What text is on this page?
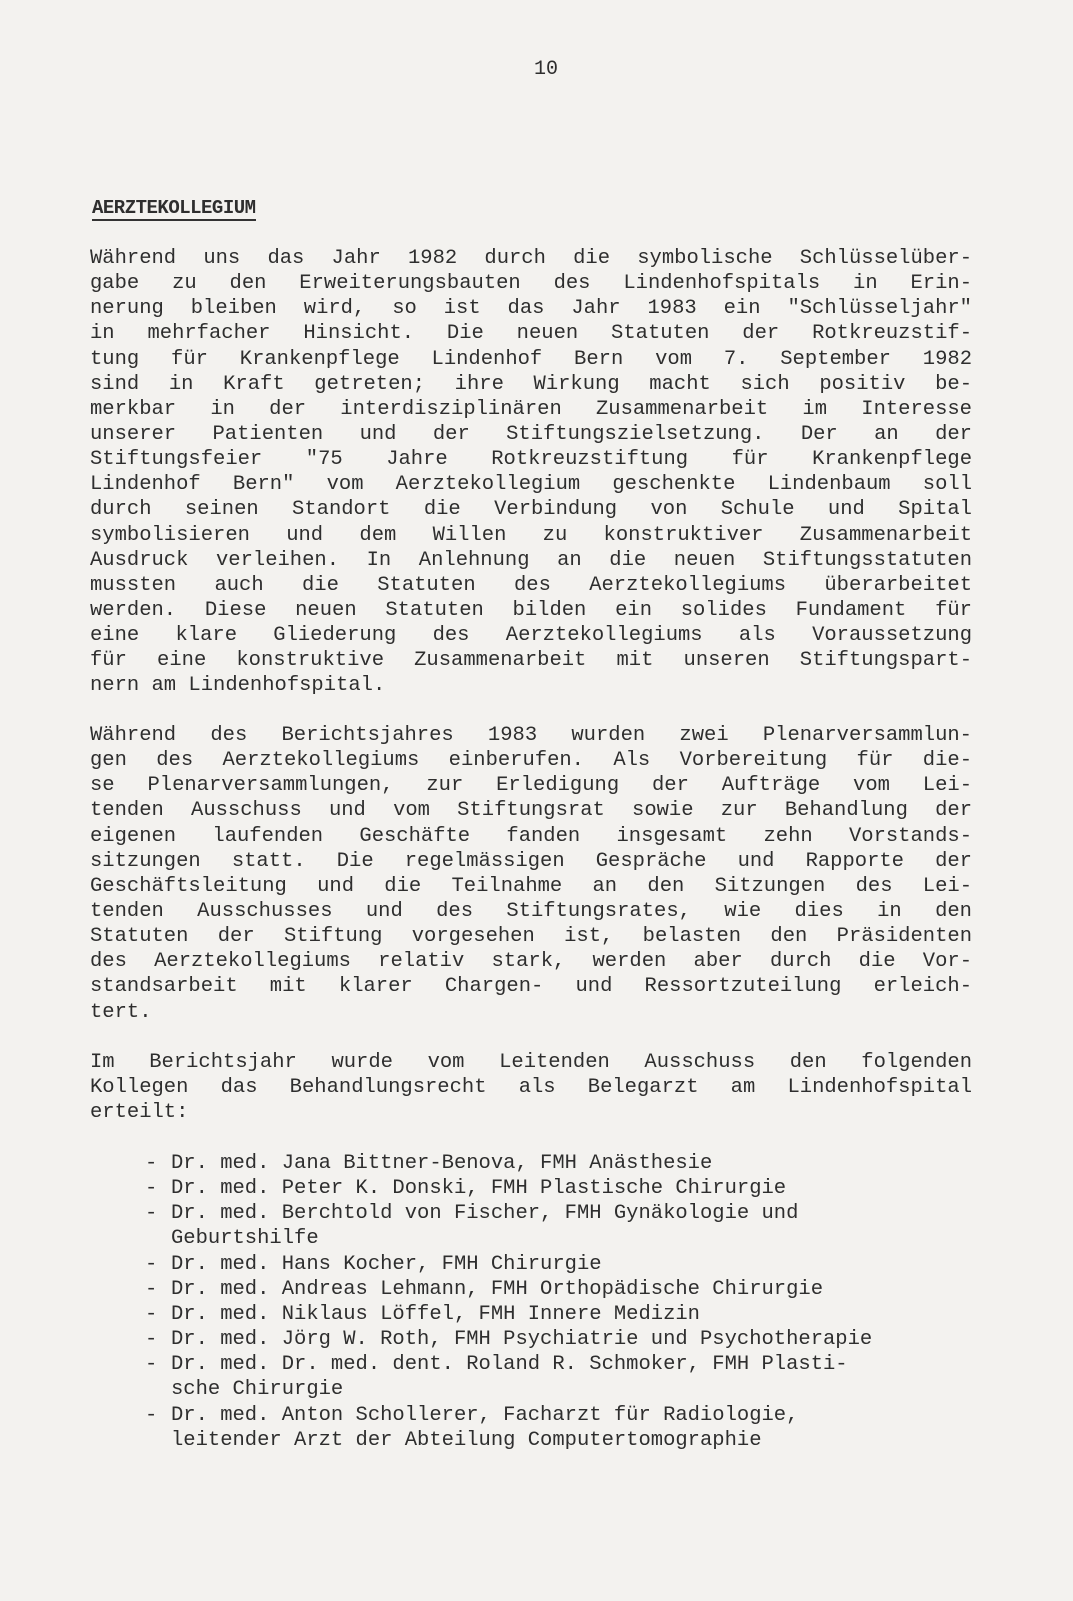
10
AERZTEKOLLEGIUM
Während uns das Jahr 1982 durch die symbolische Schlüsselüber-
gabe zu den Erweiterungsbauten des Lindenhofspitals in Erin-
nerung bleiben wird, so ist das Jahr 1983 ein "Schlüsseljahr"
in mehrfacher Hinsicht. Die neuen Statuten der Rotkreuzstif-
tung für Krankenpflege Lindenhof Bern vom 7. September 1982
sind in Kraft getreten; ihre Wirkung macht sich positiv be-
merkbar in der interdisziplinären Zusammenarbeit im Interesse
unserer Patienten und der Stiftungszielsetzung. Der an der
Stiftungsfeier "75 Jahre Rotkreuzstiftung für Krankenpflege
Lindenhof Bern" vom Aerztekollegium geschenkte Lindenbaum soll
durch seinen Standort die Verbindung von Schule und Spital
symbolisieren und dem Willen zu konstruktiver Zusammenarbeit
Ausdruck verleihen. In Anlehnung an die neuen Stiftungsstatuten
mussten auch die Statuten des Aerztekollegiums überarbeitet
werden. Diese neuen Statuten bilden ein solides Fundament für
eine klare Gliederung des Aerztekollegiums als Voraussetzung
für eine konstruktive Zusammenarbeit mit unseren Stiftungspart-
nern am Lindenhofspital.
Während des Berichtsjahres 1983 wurden zwei Plenarversammlun-
gen des Aerztekollegiums einberufen. Als Vorbereitung für die-
se Plenarversammlungen, zur Erledigung der Aufträge vom Lei-
tenden Ausschuss und vom Stiftungsrat sowie zur Behandlung der
eigenen laufenden Geschäfte fanden insgesamt zehn Vorstands-
sitzungen statt. Die regelmässigen Gespräche und Rapporte der
Geschäftsleitung und die Teilnahme an den Sitzungen des Lei-
tenden Ausschusses und des Stiftungsrates, wie dies in den
Statuten der Stiftung vorgesehen ist, belasten den Präsidenten
des Aerztekollegiums relativ stark, werden aber durch die Vor-
standsarbeit mit klarer Chargen- und Ressortzuteilung erleich-
tert.
Im Berichtsjahr wurde vom Leitenden Ausschuss den folgenden
Kollegen das Behandlungsrecht als Belegarzt am Lindenhofspital
erteilt:
- Dr. med. Jana Bittner-Benova, FMH Anästhesie
- Dr. med. Peter K. Donski, FMH Plastische Chirurgie
- Dr. med. Berchtold von Fischer, FMH Gynäkologie und
Geburtshilfe
- Dr. med. Hans Kocher, FMH Chirurgie
- Dr. med. Andreas Lehmann, FMH Orthopädische Chirurgie
- Dr. med. Niklaus Löffel, FMH Innere Medizin
- Dr. med. Jörg W. Roth, FMH Psychiatrie und Psychotherapie
- Dr. med. Dr. med. dent. Roland R. Schmoker, FMH Plasti-
sche Chirurgie
- Dr. med. Anton Schollerer, Facharzt für Radiologie,
leitender Arzt der Abteilung Computertomographie
